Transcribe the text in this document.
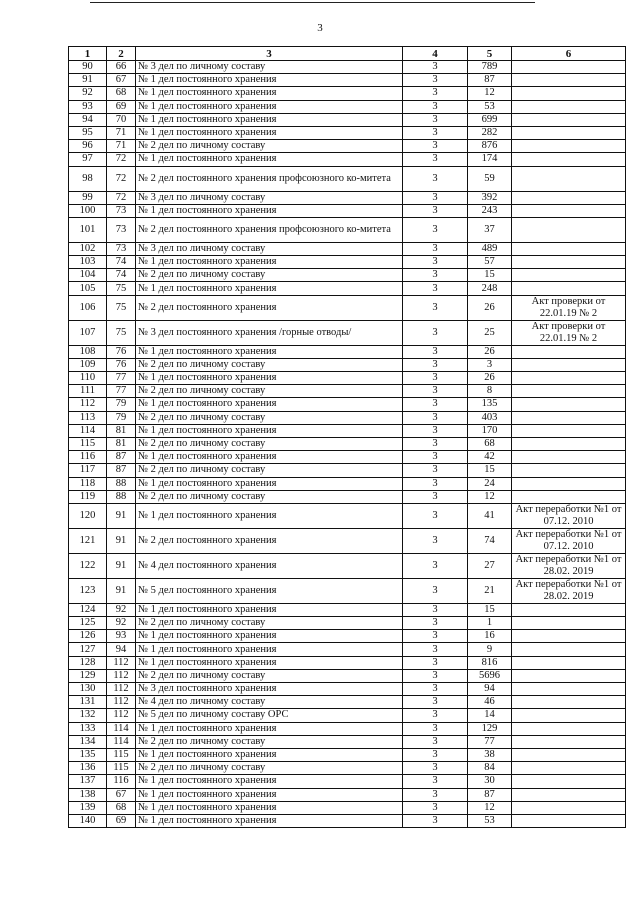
3
1	2	3	4	5	6
90	66	№ 3 дел по личному составу	3	789	
91	67	№ 1 дел постоянного хранения	3	87	
92	68	№ 1 дел постоянного хранения	3	12	
93	69	№ 1 дел постоянного хранения	3	53	
94	70	№ 1 дел постоянного хранения	3	699	
95	71	№ 1 дел постоянного хранения	3	282	
96	71	№ 2 дел по личному составу	3	876	
97	72	№ 1 дел постоянного хранения	3	174	
98	72	№ 2 дел постоянного хранения профсоюзного ко-митета	3	59	
99	72	№ 3 дел по личному составу	3	392	
100	73	№ 1 дел постоянного хранения	3	243	
101	73	№ 2 дел постоянного хранения профсоюзного ко-митета	3	37	
102	73	№ 3 дел по личному составу	3	489	
103	74	№ 1 дел постоянного хранения	3	57	
104	74	№ 2 дел по личному составу	3	15	
105	75	№ 1 дел постоянного хранения	3	248	
106	75	№ 2 дел постоянного хранения	3	26	Акт проверки от 22.01.19 № 2
107	75	№ 3 дел постоянного хранения /горные отводы/	3	25	Акт проверки от 22.01.19 № 2
108	76	№ 1 дел постоянного хранения	3	26	
109	76	№ 2 дел по личному составу	3	3	
110	77	№ 1 дел постоянного хранения	3	26	
111	77	№ 2 дел по личному составу	3	8	
112	79	№ 1 дел постоянного хранения	3	135	
113	79	№ 2 дел по личному составу	3	403	
114	81	№ 1 дел постоянного хранения	3	170	
115	81	№ 2 дел по личному составу	3	68	
116	87	№ 1 дел постоянного хранения	3	42	
117	87	№ 2 дел по личному составу	3	15	
118	88	№ 1 дел постоянного хранения	3	24	
119	88	№ 2 дел по личному составу	3	12	
120	91	№ 1 дел постоянного хранения	3	41	Акт переработки №1 от 07.12. 2010
121	91	№ 2 дел постоянного хранения	3	74	Акт переработки №1 от 07.12. 2010
122	91	№ 4 дел постоянного хранения	3	27	Акт переработки №1 от 28.02. 2019
123	91	№ 5 дел постоянного хранения	3	21	Акт переработки №1 от 28.02. 2019
124	92	№ 1 дел постоянного хранения	3	15	
125	92	№ 2 дел по личному составу	3	1	
126	93	№ 1 дел постоянного хранения	3	16	
127	94	№ 1 дел постоянного хранения	3	9	
128	112	№ 1 дел постоянного хранения	3	816	
129	112	№ 2 дел по личному составу	3	5696	
130	112	№ 3 дел постоянного хранения	3	94	
131	112	№ 4 дел по личному составу	3	46	
132	112	№ 5 дел по личному составу ОРС	3	14	
133	114	№ 1 дел постоянного хранения	3	129	
134	114	№ 2 дел по личному составу	3	77	
135	115	№ 1 дел постоянного хранения	3	38	
136	115	№ 2 дел по личному составу	3	84	
137	116	№ 1 дел постоянного хранения	3	30	
138	67	№ 1 дел постоянного хранения	3	87	
139	68	№ 1 дел постоянного хранения	3	12	
140	69	№ 1 дел постоянного хранения	3	53	
